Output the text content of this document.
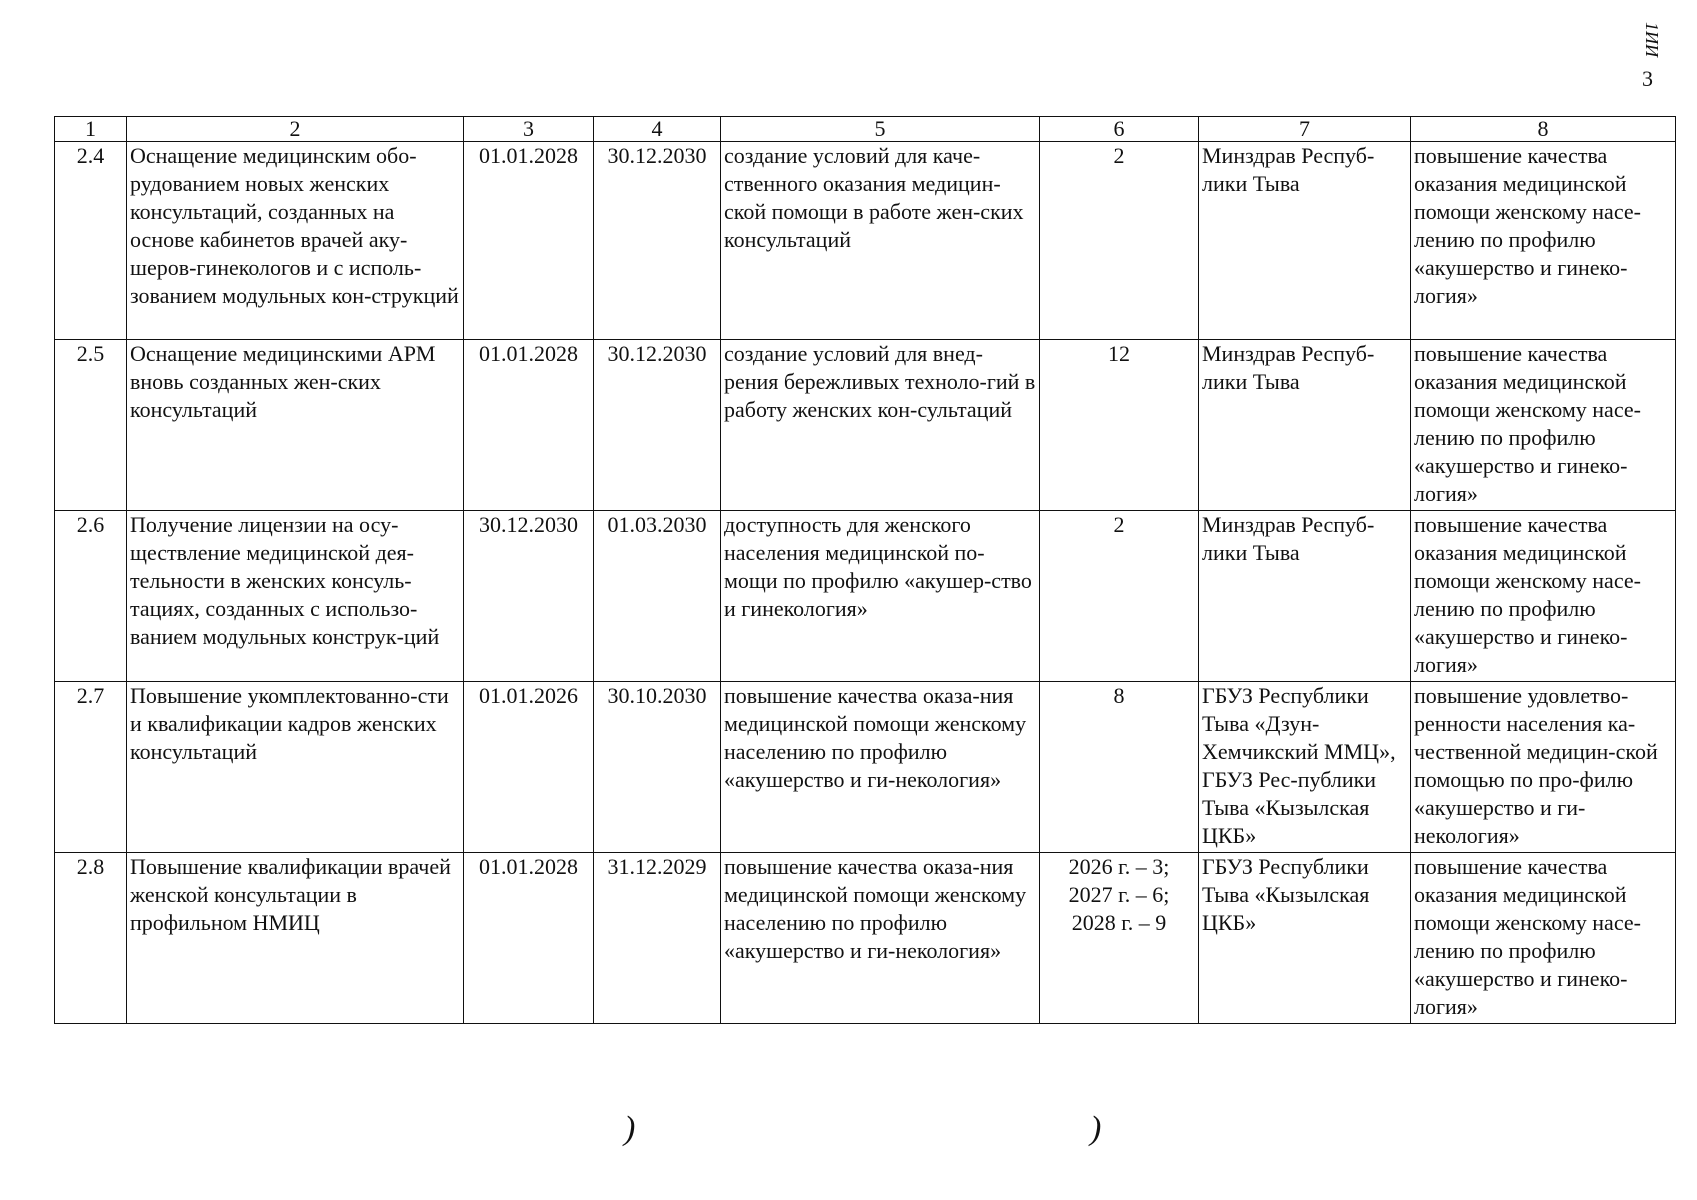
1ИИ
3
1	2	3	4	5	6	7	8
2.4	Оснащение медицинским обо-рудованием новых женских консультаций, созданных на основе кабинетов врачей аку-шеров-гинекологов и с исполь-зованием модульных кон-струкций	01.01.2028	30.12.2030	создание условий для каче-ственного оказания медицин-ской помощи в работе жен-ских консультаций	2	Минздрав Респуб-лики Тыва	повышение качества оказания медицинской помощи женскому насе-лению по профилю «акушерство и гинеко-логия»
2.5	Оснащение медицинскими АРМ вновь созданных жен-ских консультаций	01.01.2028	30.12.2030	создание условий для внед-рения бережливых техноло-гий в работу женских кон-сультаций	12	Минздрав Респуб-лики Тыва	повышение качества оказания медицинской помощи женскому насе-лению по профилю «акушерство и гинеко-логия»
2.6	Получение лицензии на осу-ществление медицинской дея-тельности в женских консуль-тациях, созданных с использо-ванием модульных конструк-ций	30.12.2030	01.03.2030	доступность для женского населения медицинской по-мощи по профилю «акушер-ство и гинекология»	2	Минздрав Респуб-лики Тыва	повышение качества оказания медицинской помощи женскому насе-лению по профилю «акушерство и гинеко-логия»
2.7	Повышение укомплектованно-сти и квалификации кадров женских консультаций	01.01.2026	30.10.2030	повышение качества оказа-ния медицинской помощи женскому населению по профилю «акушерство и ги-некология»	8	ГБУЗ Республики Тыва «Дзун-Хемчикский ММЦ», ГБУЗ Рес-публики Тыва «Кызылская ЦКБ»	повышение удовлетво-ренности населения ка-чественной медицин-ской помощью по про-филю «акушерство и ги-некология»
2.8	Повышение квалификации врачей женской консультации в профильном НМИЦ	01.01.2028	31.12.2029	повышение качества оказа-ния медицинской помощи женскому населению по профилю «акушерство и ги-некология»	2026 г. – 3;
2027 г. – 6;
2028 г. – 9	ГБУЗ Республики Тыва «Кызылская ЦКБ»	повышение качества оказания медицинской помощи женскому насе-лению по профилю «акушерство и гинеко-логия»
)	)
